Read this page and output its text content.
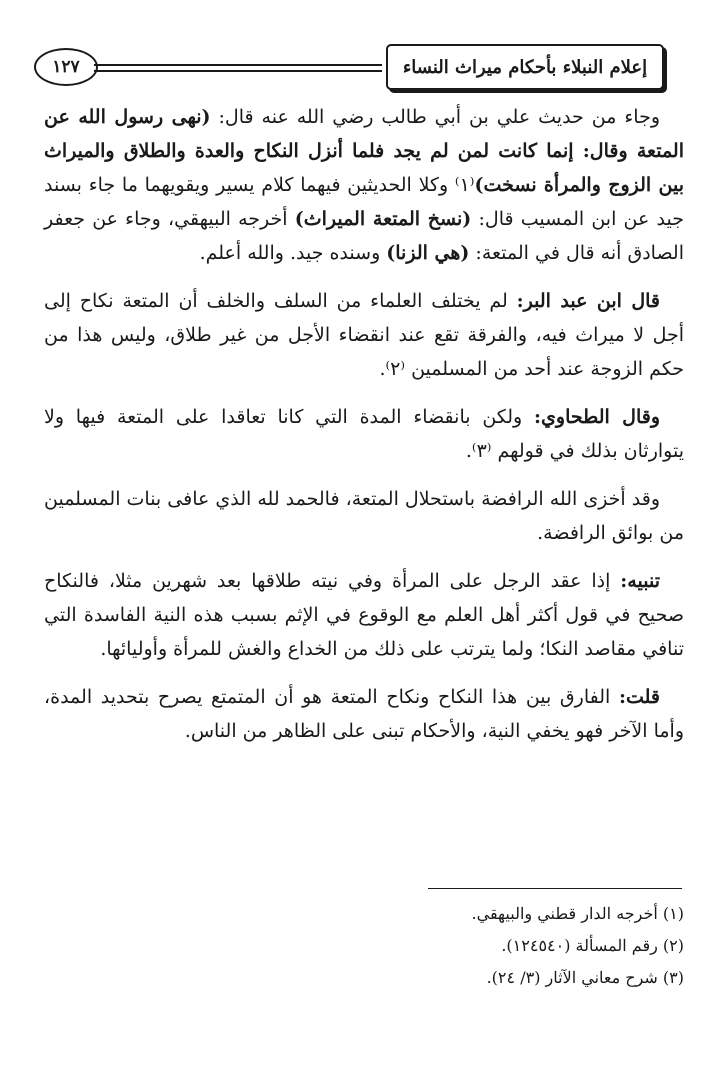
١٢٧	إعلام النبلاء بأحكام ميراث النساء

وجاء من حديث علي بن أبي طالب رضي الله عنه قال: (نهى رسول الله عن المتعة وقال: إنما كانت لمن لم يجد فلما أنزل النكاح والعدة والطلاق والميراث بين الزوج والمرأة نسخت)⁽١⁾ وكلا الحديثين فيهما كلام يسير ويقويهما ما جاء بسند جيد عن ابن المسيب قال: (نسخ المتعة الميراث) أخرجه البيهقي، وجاء عن جعفر الصادق أنه قال في المتعة: (هي الزنا) وسنده جيد. والله أعلم.

قال ابن عبد البر: لم يختلف العلماء من السلف والخلف أن المتعة نكاح إلى أجل لا ميراث فيه، والفرقة تقع عند انقضاء الأجل من غير طلاق، وليس هذا من حكم الزوجة عند أحد من المسلمين ⁽٢⁾.

وقال الطحاوي: ولكن بانقضاء المدة التي كانا تعاقدا على المتعة فيها ولا يتوارثان بذلك في قولهم ⁽٣⁾.

وقد أخزى الله الرافضة باستحلال المتعة، فالحمد لله الذي عافى بنات المسلمين من بوائق الرافضة.

تنبيه: إذا عقد الرجل على المرأة وفي نيته طلاقها بعد شهرين مثلا، فالنكاح صحيح في قول أكثر أهل العلم مع الوقوع في الإثم بسبب هذه النية الفاسدة التي تنافي مقاصد النكا؛ ولما يترتب على ذلك من الخداع والغش للمرأة وأوليائها.

قلت: الفارق بين هذا النكاح ونكاح المتعة هو أن المتمتع يصرح بتحديد المدة، وأما الآخر فهو يخفي النية، والأحكام تبنى على الظاهر من الناس.

(١) أخرجه الدار قطني والبيهقي.
(٢) رقم المسألة (١٢٤٥٤٠).
(٣) شرح معاني الآثار (٣/ ٢٤).
